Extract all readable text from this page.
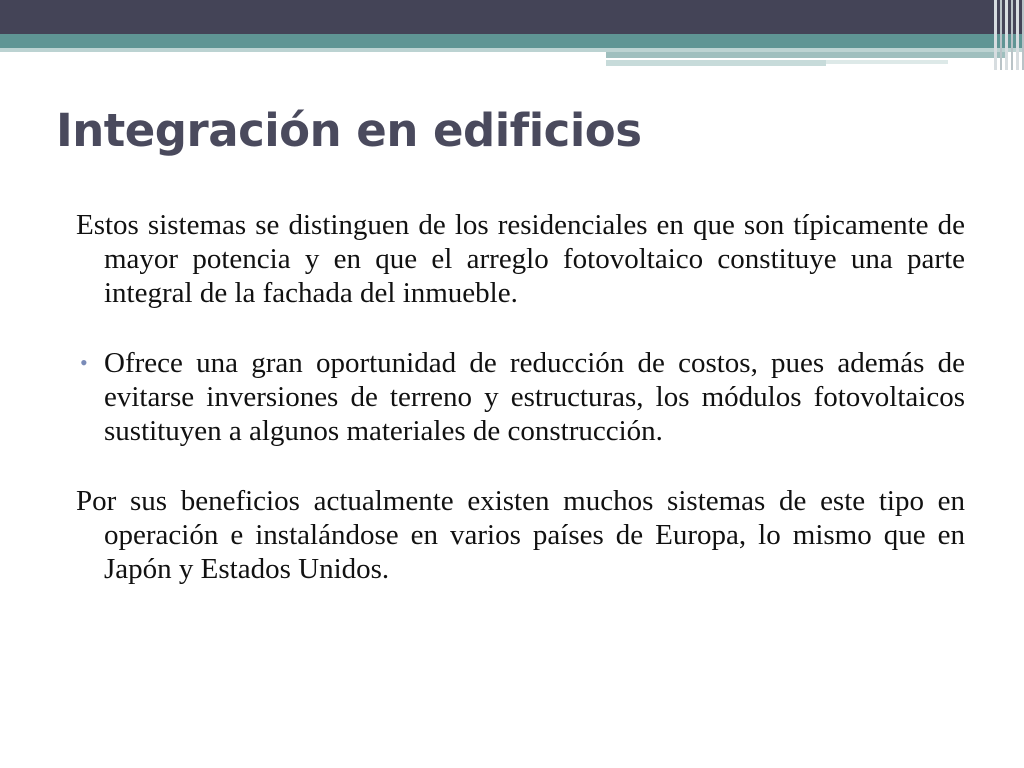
Integración en edificios

Estos sistemas se distinguen de los residenciales en que son típicamente de mayor potencia y en que el arreglo fotovoltaico constituye una parte integral de la fachada del inmueble.

• Ofrece una gran oportunidad de reducción de costos, pues además de evitarse inversiones de terreno y estructuras, los módulos fotovoltaicos sustituyen a algunos materiales de construcción.

Por sus beneficios actualmente existen muchos sistemas de este tipo en operación e instalándose en varios países de Europa, lo mismo que en Japón y Estados Unidos.
